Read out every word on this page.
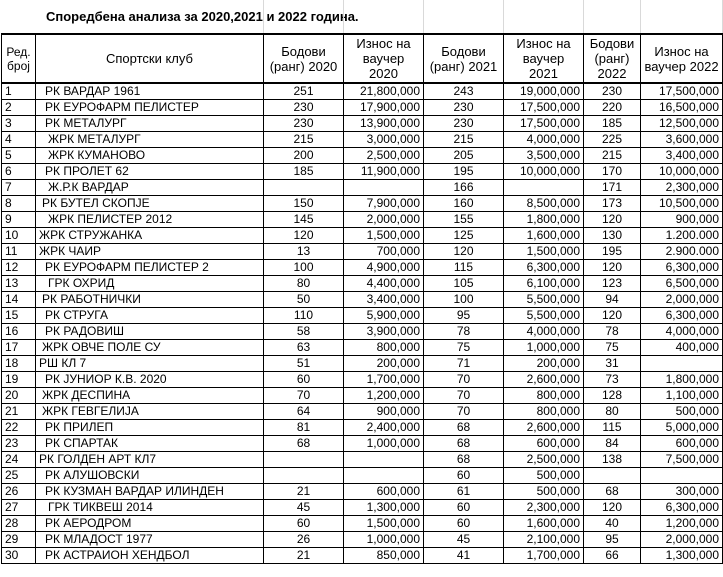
Споредбена анализа за 2020,2021 и 2022 година.
Ред. број	Спортски клуб	Бодови (ранг) 2020	Износ на ваучер 2020	Бодови (ранг) 2021	Износ на ваучер 2021	Бодови (ранг) 2022	Износ на ваучер 2022
1	РК ВАРДАР 1961	251	21,800,000	243	19,000,000	230	17,500,000
2	РК ЕУРОФАРМ ПЕЛИСТЕР	230	17,900,000	230	17,500,000	220	16,500,000
3	РК МЕТАЛУРГ	230	13,900,000	230	17,500,000	185	12,500,000
4	ЖРК МЕТАЛУРГ	215	3,000,000	215	4,000,000	225	3,600,000
5	ЖРК КУМАНОВО	200	2,500,000	205	3,500,000	215	3,400,000
6	РК ПРОЛЕТ 62	185	11,900,000	195	10,000,000	170	10,000,000
7	Ж.Р.К ВАРДАР			166		171	2,300,000
8	РК БУТЕЛ СКОПЈЕ	150	7,900,000	160	8,500,000	173	10,500,000
9	ЖРК ПЕЛИСТЕР 2012	145	2,000,000	155	1,800,000	120	900,000
10	ЖРК СТРУЖАНКА	120	1,500,000	125	1,600,000	130	1.200.000
11	ЖРК ЧАИР	13	700,000	120	1,500,000	195	2.900.000
12	РК ЕУРОФАРМ ПЕЛИСТЕР 2	100	4,900,000	115	6,300,000	120	6,300,000
13	ГРК ОХРИД	80	4,400,000	105	6,100,000	123	6,500,000
14	РК РАБОТНИЧКИ	50	3,400,000	100	5,500,000	94	2,000,000
15	РК СТРУГА	110	5,900,000	95	5,500,000	120	6,300,000
16	РК РАДОВИШ	58	3,900,000	78	4,000,000	78	4,000,000
17	ЖРК ОВЧЕ ПОЛЕ СУ	63	800,000	75	1,000,000	75	400,000
18	РШ КЛ 7	51	200,000	71	200,000	31	
19	РК ЈУНИОР К.В. 2020	60	1,700,000	70	2,600,000	73	1,800,000
20	ЖРК ДЕСПИНА	70	1,200,000	70	800,000	128	1,100,000
21	ЖРК ГЕВГЕЛИЈА	64	900,000	70	800,000	80	500,000
22	РК ПРИЛЕП	81	2,400,000	68	2,600,000	115	5,000,000
23	РК СПАРТАК	68	1,000,000	68	600,000	84	600,000
24	РК ГОЛДЕН АРТ КЛ7			68	2,500,000	138	7,500,000
25	РК АЛУШОВСКИ			60	500,000		
26	РК КУЗМАН ВАРДАР ИЛИНДЕН	21	600,000	61	500,000	68	300,000
27	ГРК ТИКВЕШ 2014	45	1,300,000	60	2,300,000	120	6,300,000
28	РК АЕРОДРОМ	60	1,500,000	60	1,600,000	40	1,200,000
29	РК МЛАДОСТ 1977	26	1,000,000	45	2,100,000	95	2,000,000
30	РК АСТРАИОН ХЕНДБОЛ	21	850,000	41	1,700,000	66	1,300,000
